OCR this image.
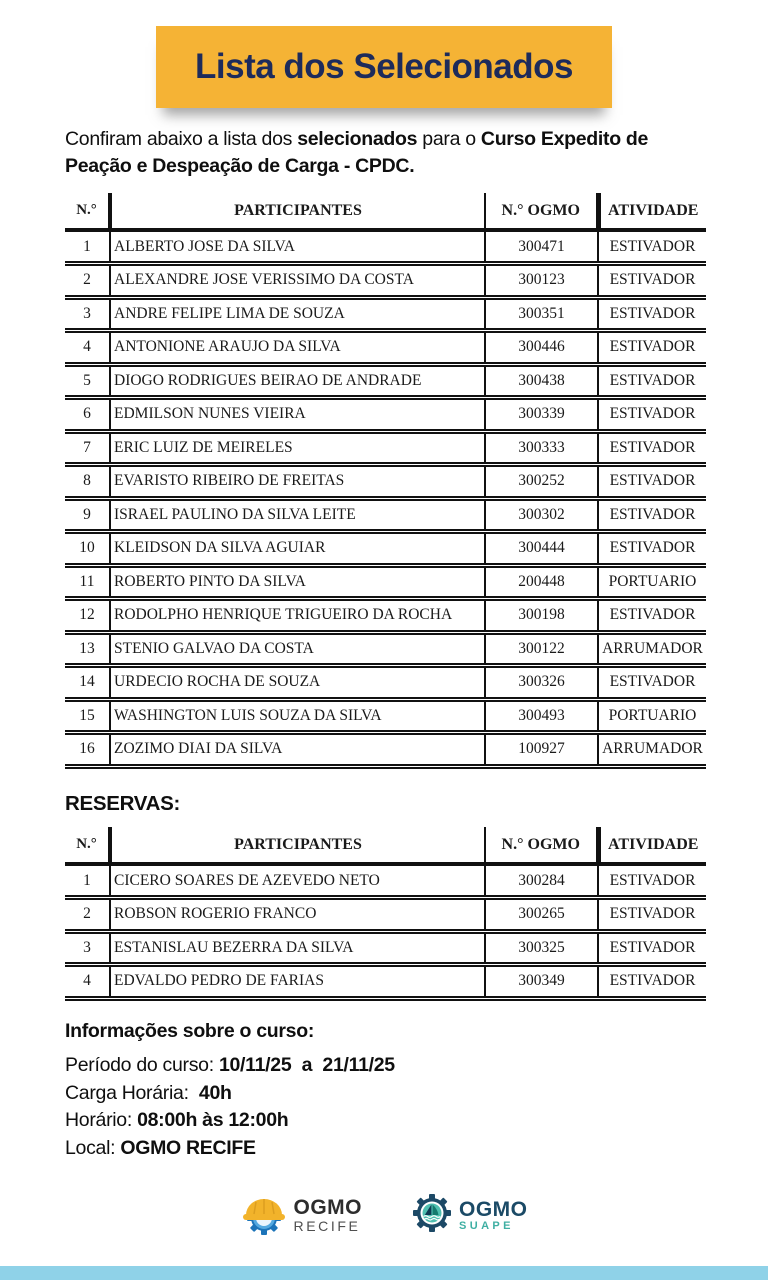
Lista dos Selecionados
Confiram abaixo a lista dos selecionados para o Curso Expedito de
Peação e Despeação de Carga - CPDC.
N.°	PARTICIPANTES	N.° OGMO	ATIVIDADE
1	ALBERTO JOSE DA SILVA	300471	ESTIVADOR
2	ALEXANDRE JOSE VERISSIMO DA COSTA	300123	ESTIVADOR
3	ANDRE FELIPE LIMA DE SOUZA	300351	ESTIVADOR
4	ANTONIONE ARAUJO DA SILVA	300446	ESTIVADOR
5	DIOGO RODRIGUES BEIRAO DE ANDRADE	300438	ESTIVADOR
6	EDMILSON NUNES VIEIRA	300339	ESTIVADOR
7	ERIC LUIZ DE MEIRELES	300333	ESTIVADOR
8	EVARISTO RIBEIRO DE FREITAS	300252	ESTIVADOR
9	ISRAEL PAULINO DA SILVA LEITE	300302	ESTIVADOR
10	KLEIDSON DA SILVA AGUIAR	300444	ESTIVADOR
11	ROBERTO PINTO DA SILVA	200448	PORTUARIO
12	RODOLPHO HENRIQUE TRIGUEIRO DA ROCHA	300198	ESTIVADOR
13	STENIO GALVAO DA COSTA	300122	ARRUMADOR
14	URDECIO ROCHA DE SOUZA	300326	ESTIVADOR
15	WASHINGTON LUIS SOUZA DA SILVA	300493	PORTUARIO
16	ZOZIMO DIAI DA SILVA	100927	ARRUMADOR
RESERVAS:
N.°	PARTICIPANTES	N.° OGMO	ATIVIDADE
1	CICERO SOARES DE AZEVEDO NETO	300284	ESTIVADOR
2	ROBSON ROGERIO FRANCO	300265	ESTIVADOR
3	ESTANISLAU BEZERRA DA SILVA	300325	ESTIVADOR
4	EDVALDO PEDRO DE FARIAS	300349	ESTIVADOR
Informações sobre o curso:
Período do curso: 10/11/25  a  21/11/25
Carga Horária:  40h
Horário: 08:00h às 12:00h
Local: OGMO RECIFE
OGMO
RECIFE
OGMO
SUAPE
